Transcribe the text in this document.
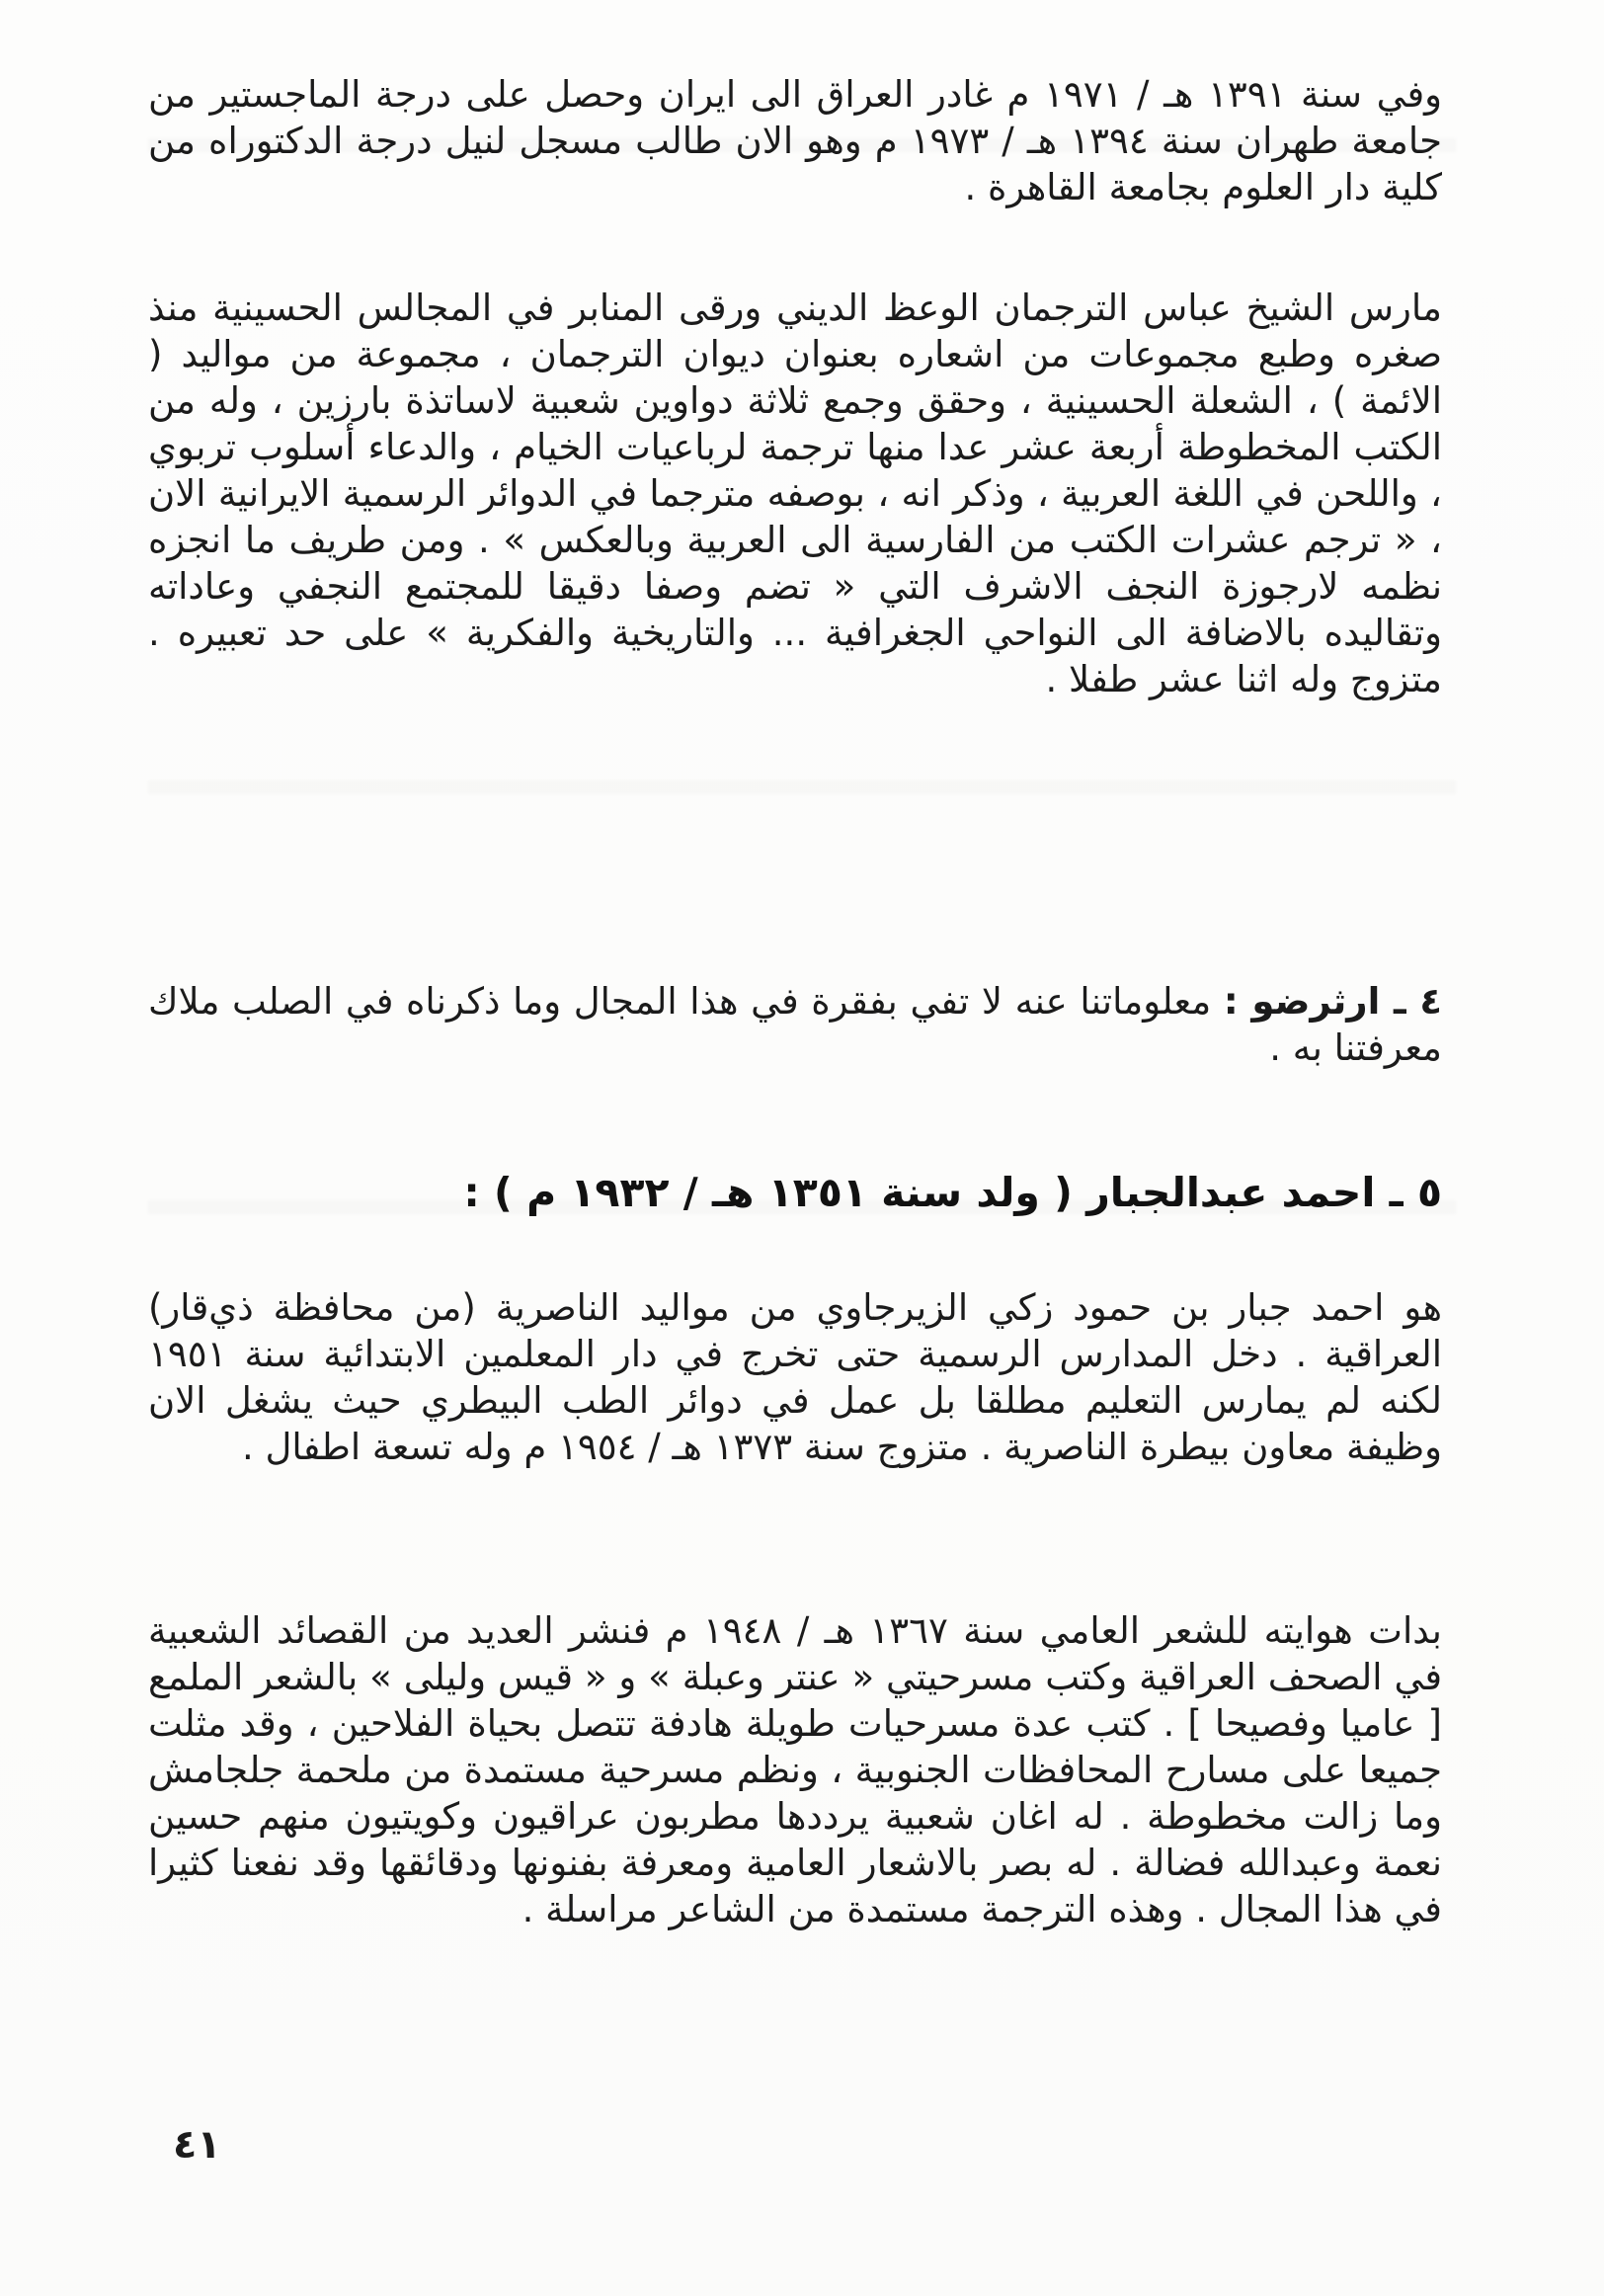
وفي سنة ١٣٩١ هـ / ١٩٧١ م غادر العراق الى ايران وحصل على درجة الماجستير من جامعة طهران سنة ١٣٩٤ هـ / ١٩٧٣ م وهو الان طالب مسجل لنيل درجة الدكتوراه من كلية دار العلوم بجامعة القاهرة .

مارس الشيخ عباس الترجمان الوعظ الديني ورقى المنابر في المجالس الحسينية منذ صغره وطبع مجموعات من اشعاره بعنوان ديوان الترجمان ، مجموعة من مواليد ( الائمة ) ، الشعلة الحسينية ، وحقق وجمع ثلاثة دواوين شعبية لاساتذة بارزين ، وله من الكتب المخطوطة أربعة عشر عدا منها ترجمة لرباعيات الخيام ، والدعاء أسلوب تربوي ، واللحن في اللغة العربية ، وذكر انه ، بوصفه مترجما في الدوائر الرسمية الايرانية الان ، « ترجم عشرات الكتب من الفارسية الى العربية وبالعكس » . ومن طريف ما انجزه نظمه لارجوزة النجف الاشرف التي « تضم وصفا دقيقا للمجتمع النجفي وعاداته وتقاليده بالاضافة الى النواحي الجغرافية ... والتاريخية والفكرية » على حد تعبيره . متزوج وله اثنا عشر طفلا .

٤ ـ ارثرضو : معلوماتنا عنه لا تفي بفقرة في هذا المجال وما ذكرناه في الصلب ملاك معرفتنا به .

٥ ـ احمد عبدالجبار ( ولد سنة ١٣٥١ هـ / ١٩٣٢ م ) :

هو احمد جبار بن حمود زكي الزيرجاوي من مواليد الناصرية (من محافظة ذي‌قار) العراقية . دخل المدارس الرسمية حتى تخرج في دار المعلمين الابتدائية سنة ١٩٥١ لكنه لم يمارس التعليم مطلقا بل عمل في دوائر الطب البيطري حيث يشغل الان وظيفة معاون بيطرة الناصرية . متزوج سنة ١٣٧٣ هـ / ١٩٥٤ م وله تسعة اطفال .

بدات هوايته للشعر العامي سنة ١٣٦٧ هـ / ١٩٤٨ م فنشر العديد من القصائد الشعبية في الصحف العراقية وكتب مسرحيتي « عنتر وعبلة » و « قيس وليلى » بالشعر الملمع [ عاميا وفصيحا ] . كتب عدة مسرحيات طويلة هادفة تتصل بحياة الفلاحين ، وقد مثلت جميعا على مسارح المحافظات الجنوبية ، ونظم مسرحية مستمدة من ملحمة جلجامش وما زالت مخطوطة . له اغان شعبية يرددها مطربون عراقيون وكويتيون منهم حسين نعمة وعبدالله فضالة . له بصر بالاشعار العامية ومعرفة بفنونها ودقائقها وقد نفعنا كثيرا في هذا المجال . وهذه الترجمة مستمدة من الشاعر مراسلة .

٤١
